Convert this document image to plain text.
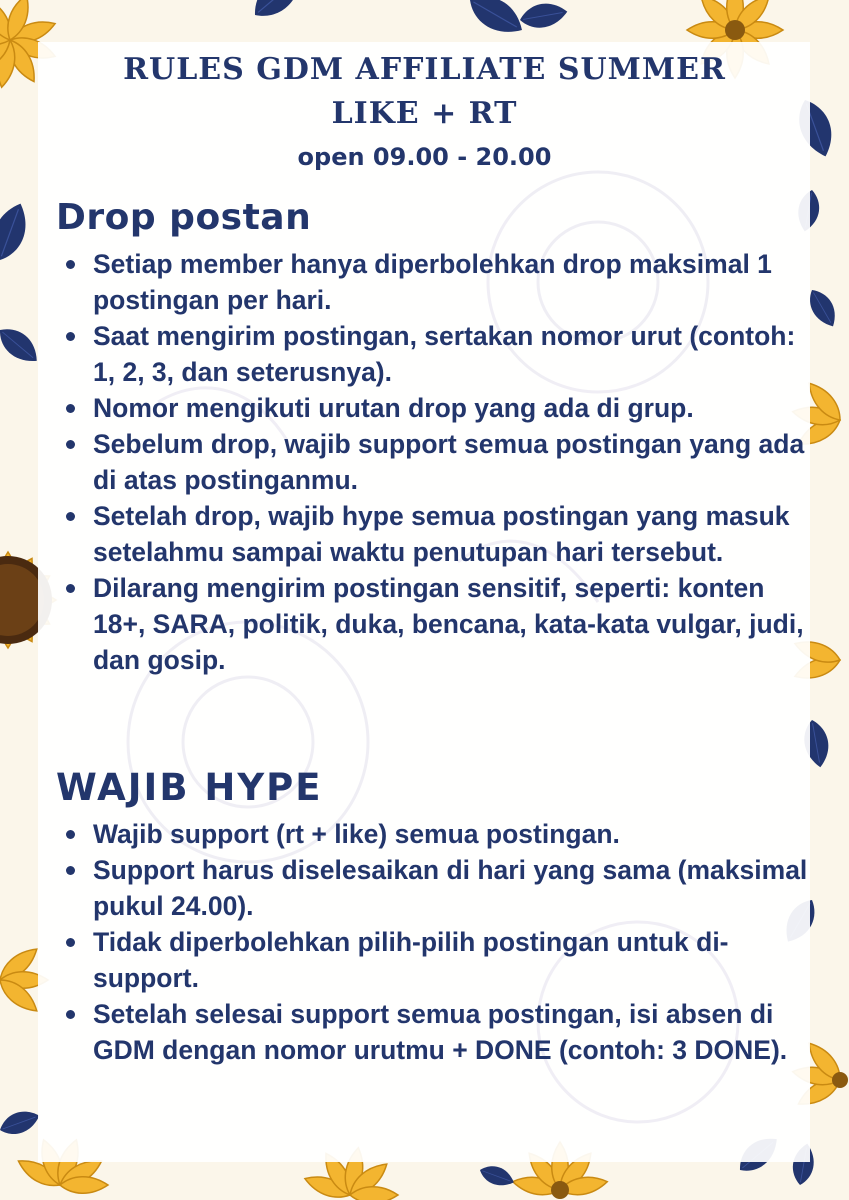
RULES GDM AFFILIATE SUMMER
LIKE + RT

open 09.00 - 20.00

Drop postan
Setiap member hanya diperbolehkan drop maksimal 1 postingan per hari.
Saat mengirim postingan, sertakan nomor urut (contoh: 1, 2, 3, dan seterusnya).
Nomor mengikuti urutan drop yang ada di grup.
Sebelum drop, wajib support semua postingan yang ada di atas postinganmu.
Setelah drop, wajib hype semua postingan yang masuk setelahmu sampai waktu penutupan hari tersebut.
Dilarang mengirim postingan sensitif, seperti: konten 18+, SARA, politik, duka, bencana, kata-kata vulgar, judi, dan gosip.
WAJIB HYPE
Wajib support (rt + like) semua postingan.
Support harus diselesaikan di hari yang sama (maksimal pukul 24.00).
Tidak diperbolehkan pilih-pilih postingan untuk di-support.
Setelah selesai support semua postingan, isi absen di GDM dengan nomor urutmu + DONE (contoh: 3 DONE).
